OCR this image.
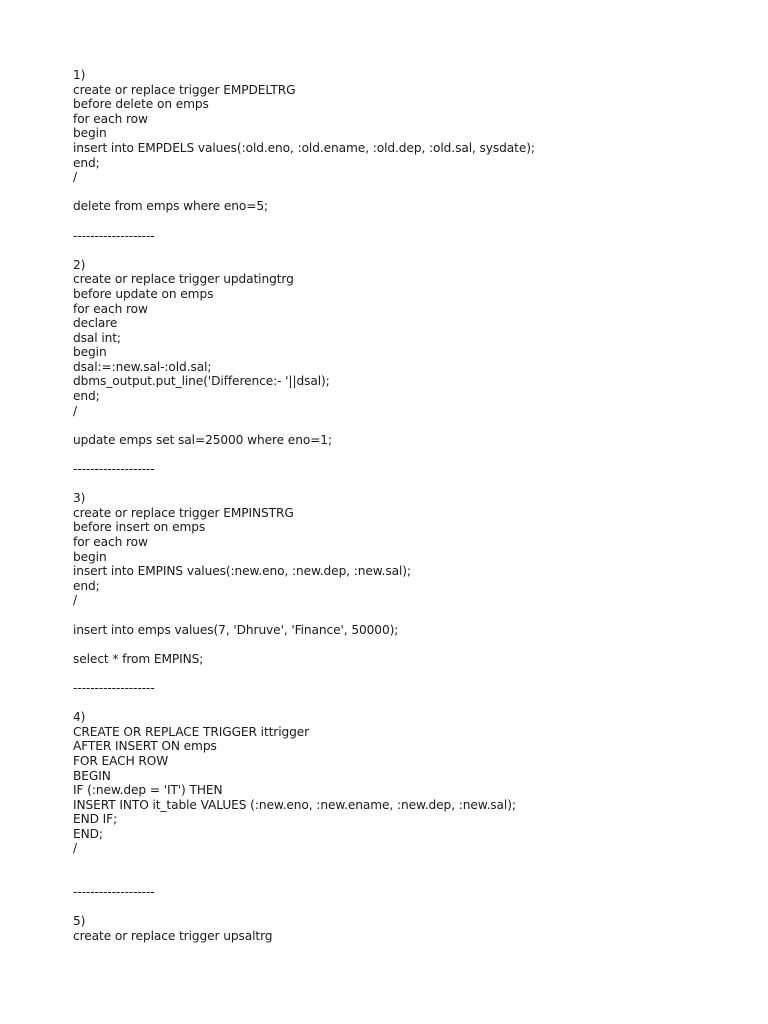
1)
create or replace trigger EMPDELTRG
before delete on emps
for each row
begin
insert into EMPDELS values(:old.eno, :old.ename, :old.dep, :old.sal, sysdate);
end;
/
delete from emps where eno=5;
-------------------
2)
create or replace trigger updatingtrg
before update on emps
for each row
declare
dsal int;
begin
dsal:=:new.sal-:old.sal;
dbms_output.put_line('Difference:- '||dsal);
end;
/
update emps set sal=25000 where eno=1;
-------------------
3)
create or replace trigger EMPINSTRG
before insert on emps
for each row
begin
insert into EMPINS values(:new.eno, :new.dep, :new.sal);
end;
/
insert into emps values(7, 'Dhruve', 'Finance', 50000);
select * from EMPINS;
-------------------
4)
CREATE OR REPLACE TRIGGER ittrigger
AFTER INSERT ON emps
FOR EACH ROW
BEGIN
IF (:new.dep = 'IT') THEN
INSERT INTO it_table VALUES (:new.eno, :new.ename, :new.dep, :new.sal);
END IF;
END;
/
-------------------
5)
create or replace trigger upsaltrg
